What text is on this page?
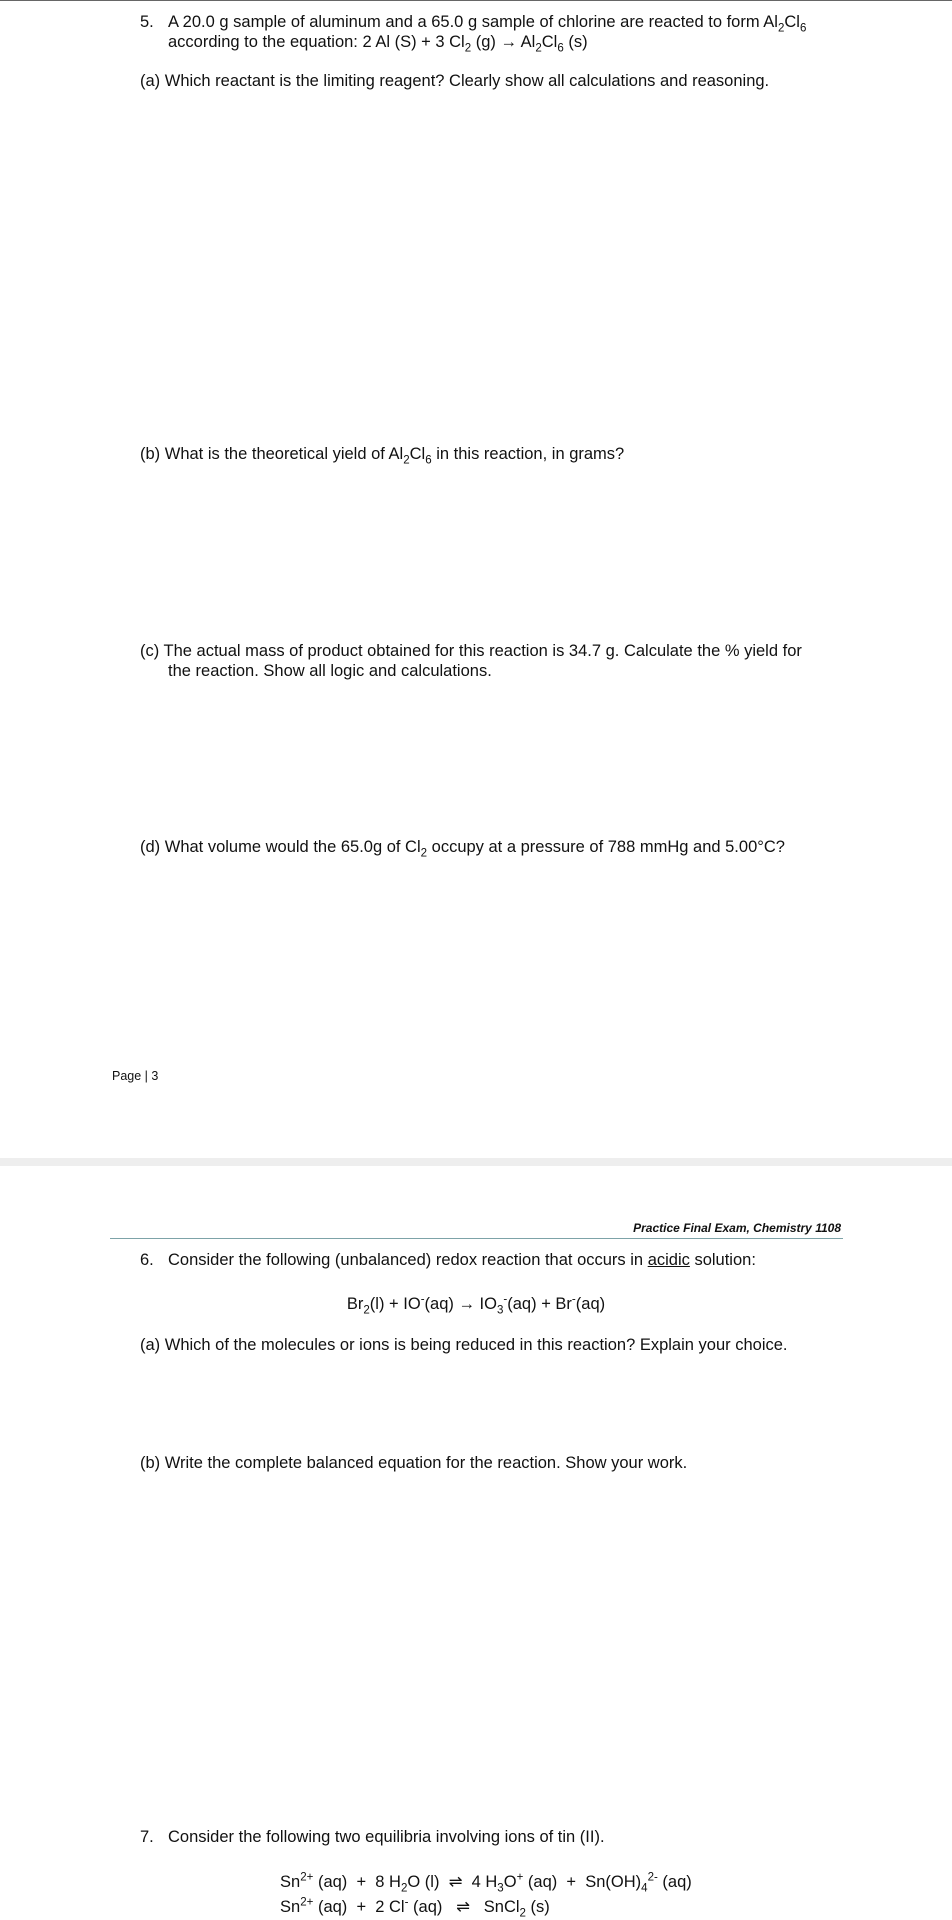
5. A 20.0 g sample of aluminum and a 65.0 g sample of chlorine are reacted to form $Al_2Cl_6$
according to the equation: 2 Al (S) + 3 $Cl_2$ $(g) \to Al_2Cl_6$ (s)
(a) Which reactant is the limiting reagent? Clearly show all calculations and reasoning.
(b) What is the theoretical yield of $Al_2Cl_6$ in this reaction, in grams?
(c) The actual mass of product obtained for this reaction is 34.7 g. Calculate the % yield for
the reaction. Show all logic and calculations.
(d) What volume would the 65.0g of $Cl_2$ occupy at a pressure of 788 mmHg and 5.00°C?
Page | 3
Practice Final Exam, Chemistry 1108
6. Consider the following (unbalanced) redox reaction that occurs in acidic solution:
$Br_2(l) + IO^-(aq) \to IO_3^-(aq) + Br^-(aq)$
(a) Which of the molecules or ions is being reduced in this reaction? Explain your choice.
(b) Write the complete balanced equation for the reaction. Show your work.
7. Consider the following two equilibria involving ions of tin (II).
$Sn^{2+}$ (aq)  +  8 $H_2O$ (l) ⇌ 4 $H_3O^+$ $(aq) + Sn(OH)_4^{2-}$ (aq)
$Sn^{2+}$ (aq)  +  2 Cl- (aq) ⇌ SnCl$_2$ (s)
